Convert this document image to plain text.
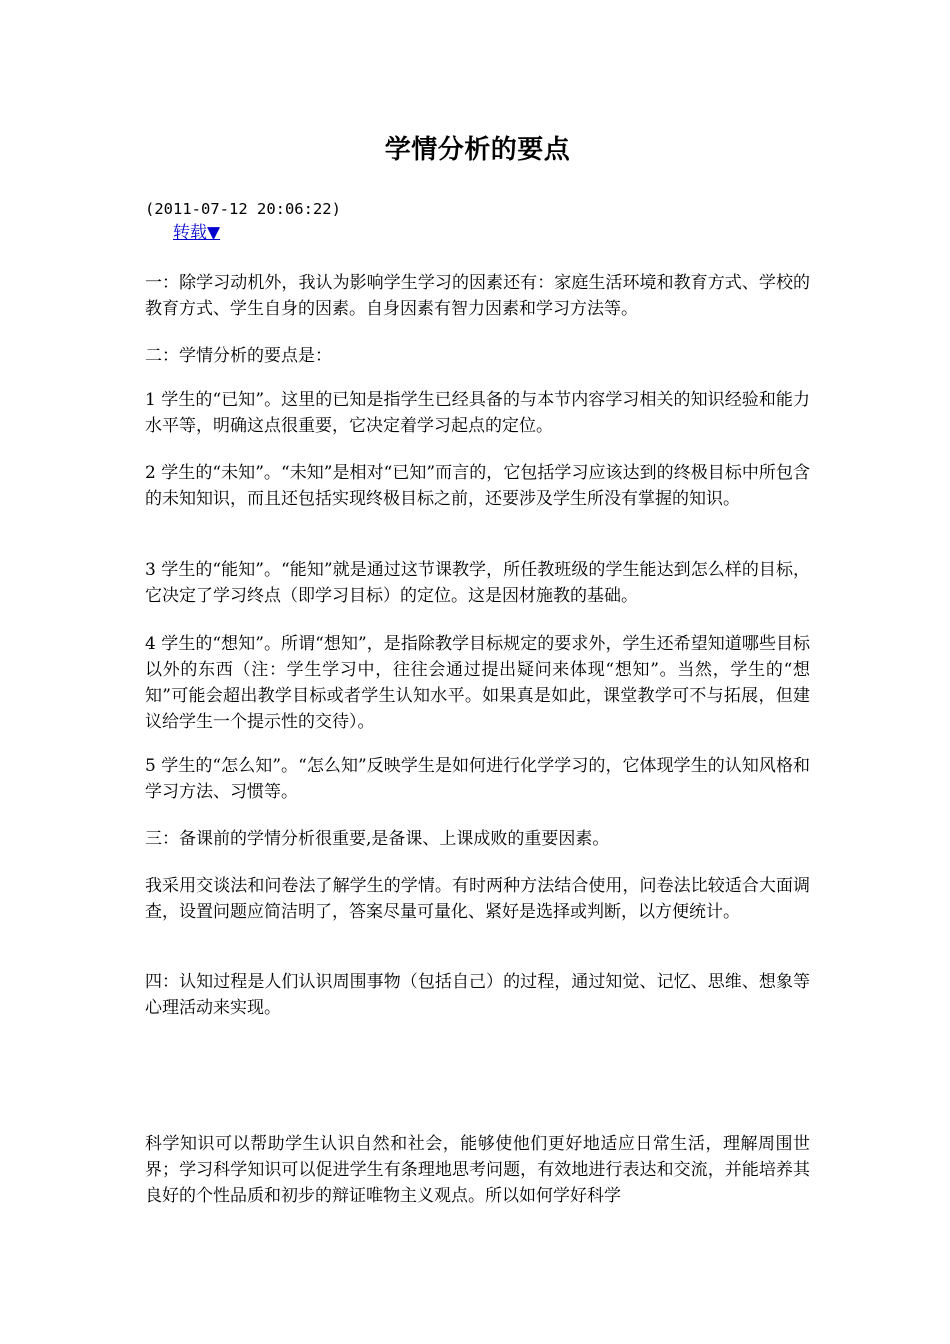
学情分析的要点
(2011-07-12 20:06:22)
转载▼

一：除学习动机外，我认为影响学生学习的因素还有：家庭生活环境和教育方式、学校的教育方式、学生自身的因素。自身因素有智力因素和学习方法等。

二：学情分析的要点是：

1 学生的“已知”。这里的已知是指学生已经具备的与本节内容学习相关的知识经验和能力水平等，明确这点很重要，它决定着学习起点的定位。

2 学生的“未知”。“未知”是相对“已知”而言的，它包括学习应该达到的终极目标中所包含的未知知识，而且还包括实现终极目标之前，还要涉及学生所没有掌握的知识。

3 学生的“能知”。“能知”就是通过这节课教学，所任教班级的学生能达到怎么样的目标，它决定了学习终点（即学习目标）的定位。这是因材施教的基础。

4 学生的“想知”。所谓“想知”，是指除教学目标规定的要求外，学生还希望知道哪些目标以外的东西（注：学生学习中，往往会通过提出疑问来体现“想知”。当然，学生的“想知”可能会超出教学目标或者学生认知水平。如果真是如此，课堂教学可不与拓展，但建议给学生一个提示性的交待）。

5 学生的“怎么知”。“怎么知”反映学生是如何进行化学学习的，它体现学生的认知风格和学习方法、习惯等。

三：备课前的学情分析很重要,是备课、上课成败的重要因素。

我采用交谈法和问卷法了解学生的学情。有时两种方法结合使用，问卷法比较适合大面调查，设置问题应简洁明了，答案尽量可量化、紧好是选择或判断，以方便统计。

四：认知过程是人们认识周围事物（包括自己）的过程，通过知觉、记忆、思维、想象等心理活动来实现。

科学知识可以帮助学生认识自然和社会，能够使他们更好地适应日常生活，理解周围世界；学习科学知识可以促进学生有条理地思考问题，有效地进行表达和交流，并能培养其良好的个性品质和初步的辩证唯物主义观点。所以如何学好科学
